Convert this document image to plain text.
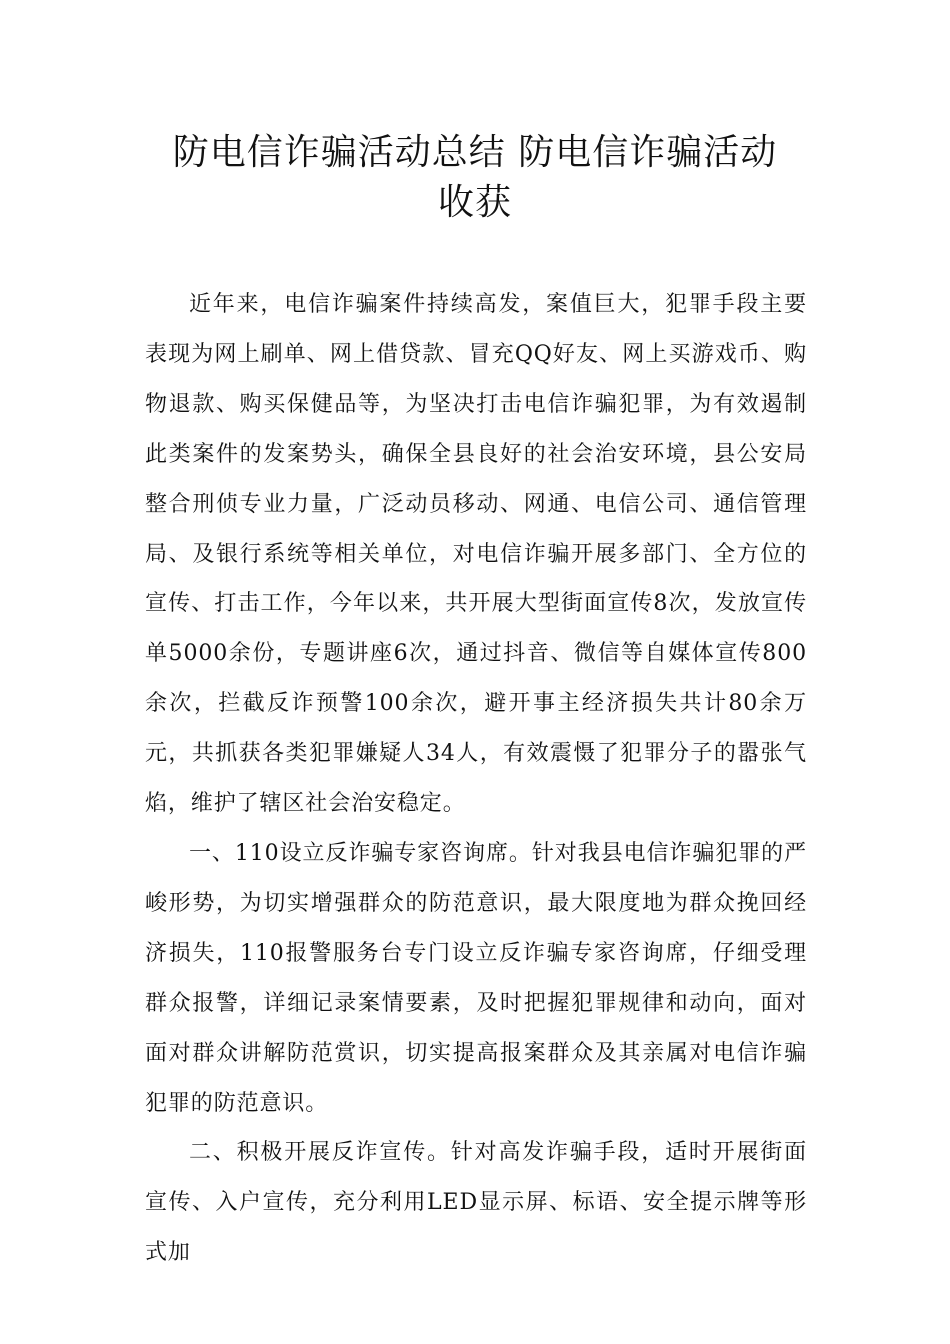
防电信诈骗活动总结 防电信诈骗活动
收获

近年来，电信诈骗案件持续高发，案值巨大，犯罪手段主要表现为网上刷单、网上借贷款、冒充QQ好友、网上买游戏币、购物退款、购买保健品等，为坚决打击电信诈骗犯罪，为有效遏制此类案件的发案势头，确保全县良好的社会治安环境，县公安局整合刑侦专业力量，广泛动员移动、网通、电信公司、通信管理局、及银行系统等相关单位，对电信诈骗开展多部门、全方位的宣传、打击工作，今年以来，共开展大型街面宣传8次，发放宣传单5000余份，专题讲座6次，通过抖音、微信等自媒体宣传800余次，拦截反诈预警100余次，避开事主经济损失共计80余万元，共抓获各类犯罪嫌疑人34人，有效震慑了犯罪分子的嚣张气焰，维护了辖区社会治安稳定。

一、110设立反诈骗专家咨询席。针对我县电信诈骗犯罪的严峻形势，为切实增强群众的防范意识，最大限度地为群众挽回经济损失，110报警服务台专门设立反诈骗专家咨询席，仔细受理群众报警，详细记录案情要素，及时把握犯罪规律和动向，面对面对群众讲解防范赏识，切实提高报案群众及其亲属对电信诈骗犯罪的防范意识。

二、积极开展反诈宣传。针对高发诈骗手段，适时开展街面宣传、入户宣传，充分利用LED显示屏、标语、安全提示牌等形式加
